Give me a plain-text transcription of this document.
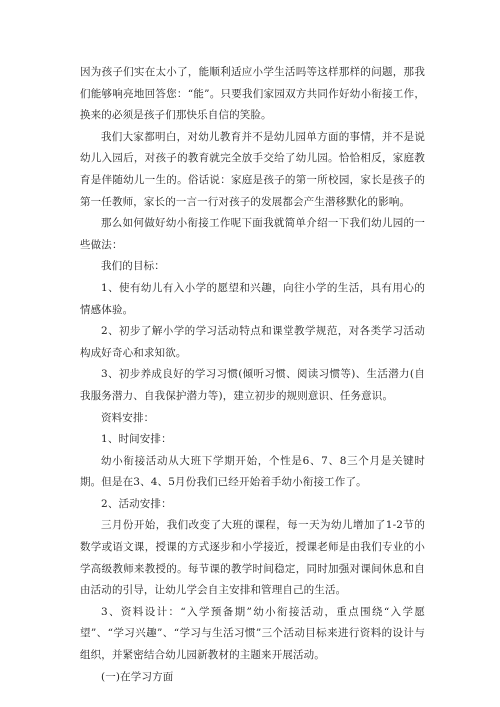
因为孩子们实在太小了，能顺利适应小学生活吗等这样那样的问题，那我们能够响亮地回答您：“能”。只要我们家园双方共同作好幼小衔接工作，换来的必须是孩子们那快乐自信的笑脸。

我们大家都明白，对幼儿教育并不是幼儿园单方面的事情，并不是说幼儿入园后，对孩子的教育就完全放手交给了幼儿园。恰恰相反，家庭教育是伴随幼儿一生的。俗话说：家庭是孩子的第一所校园，家长是孩子的第一任教师，家长的一言一行对孩子的发展都会产生潜移默化的影响。

那么如何做好幼小衔接工作呢下面我就简单介绍一下我们幼儿园的一些做法：

我们的目标：

1、使有幼儿有入小学的愿望和兴趣，向往小学的生活，具有用心的情感体验。

2、初步了解小学的学习活动特点和课堂教学规范，对各类学习活动构成好奇心和求知欲。

3、初步养成良好的学习习惯(倾听习惯、阅读习惯等)、生活潜力(自我服务潜力、自我保护潜力等)，建立初步的规则意识、任务意识。

资料安排：

1、时间安排：

幼小衔接活动从大班下学期开始，个性是6、7、8三个月是关键时期。但是在3、4、5月份我们已经开始着手幼小衔接工作了。

2、活动安排：

三月份开始，我们改变了大班的课程，每一天为幼儿增加了1-2节的数学或语文课，授课的方式逐步和小学接近，授课老师是由我们专业的小学高级教师来教授的。每节课的教学时间稳定，同时加强对课间休息和自由活动的引导，让幼儿学会自主安排和管理自己的生活。

3、资料设计：“入学预备期”幼小衔接活动，重点围绕“入学愿望”、“学习兴趣”、“学习与生活习惯”三个活动目标来进行资料的设计与组织，并紧密结合幼儿园新教材的主题来开展活动。

(一)在学习方面
